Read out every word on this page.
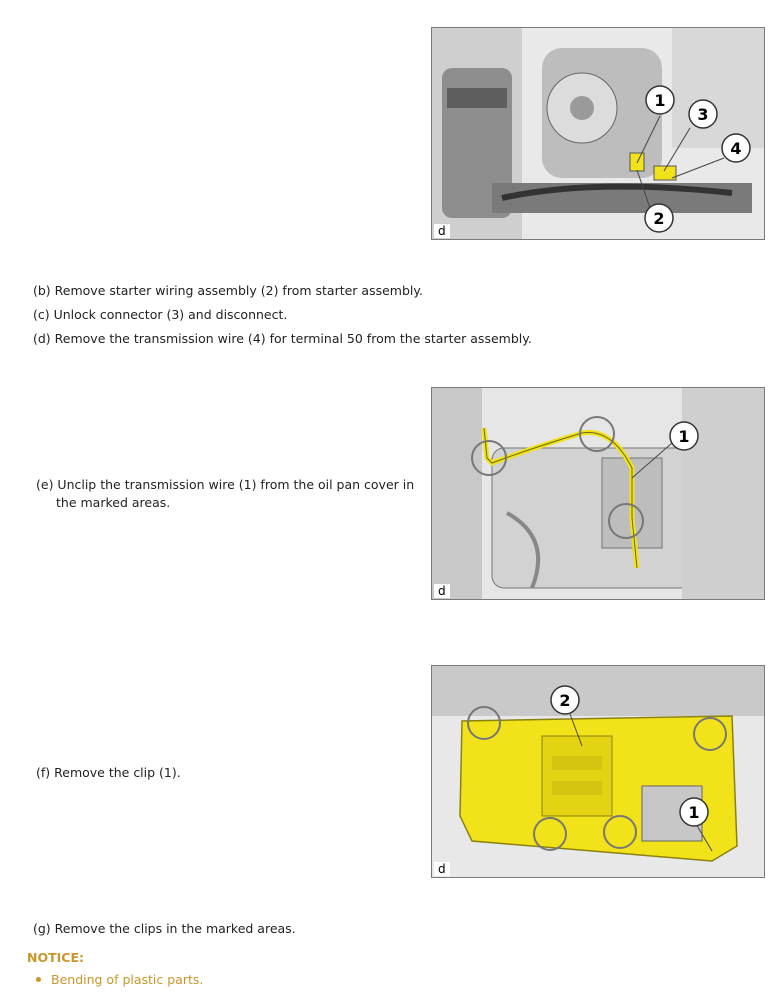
1
3
4
2
d
(b) Remove starter wiring assembly (2) from starter assembly.
(c) Unlock connector (3) and disconnect.
(d) Remove the transmission wire (4) for terminal 50 from the starter assembly.
1
d
(e) Unclip the transmission wire (1) from the oil pan cover in
the marked areas.
2
1
d
(f) Remove the clip (1).
(g) Remove the clips in the marked areas.
NOTICE:
Bending of plastic parts.
